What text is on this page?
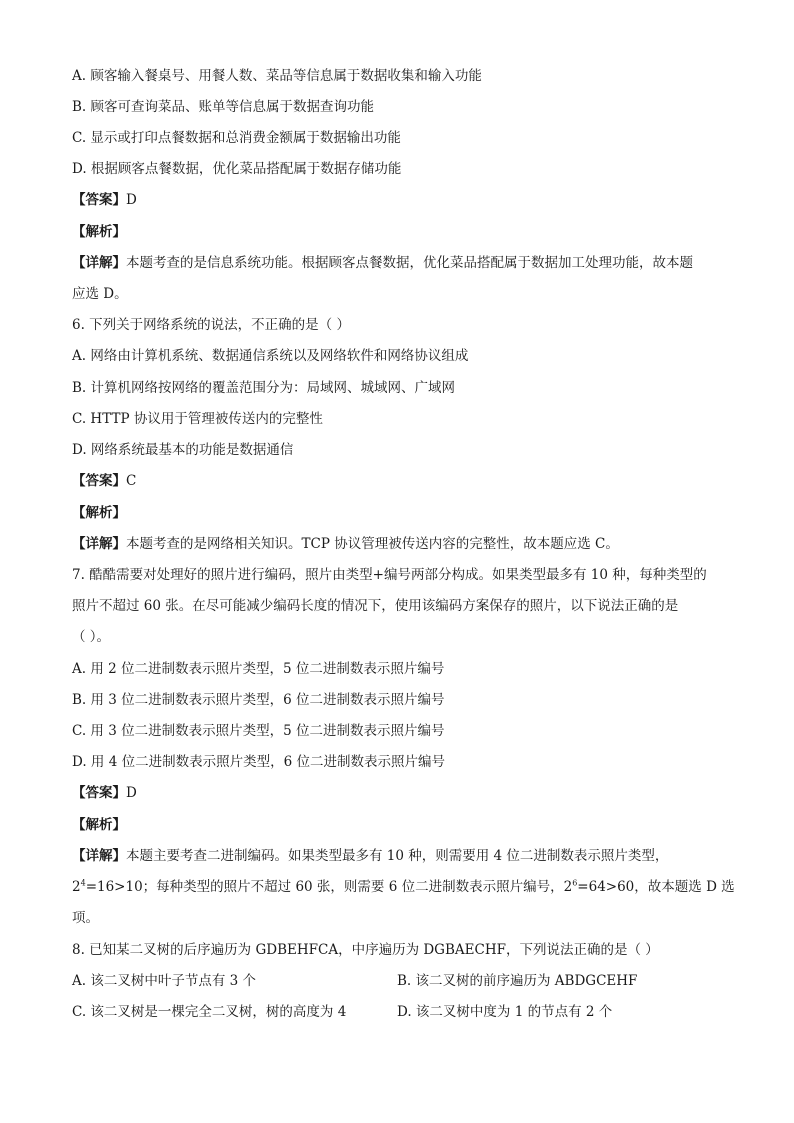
A. 顾客输入餐桌号、用餐人数、菜品等信息属于数据收集和输入功能
B. 顾客可查询菜品、账单等信息属于数据查询功能
C. 显示或打印点餐数据和总消费金额属于数据输出功能
D. 根据顾客点餐数据，优化菜品搭配属于数据存储功能
【答案】D
【解析】
【详解】本题考查的是信息系统功能。根据顾客点餐数据，优化菜品搭配属于数据加工处理功能，故本题
应选 D。
6. 下列关于网络系统的说法，不正确的是（ ）
A. 网络由计算机系统、数据通信系统以及网络软件和网络协议组成
B. 计算机网络按网络的覆盖范围分为：局域网、城域网、广域网
C. HTTP 协议用于管理被传送内的完整性
D. 网络系统最基本的功能是数据通信
【答案】C
【解析】
【详解】本题考查的是网络相关知识。TCP 协议管理被传送内容的完整性，故本题应选 C。
7. 酷酷需要对处理好的照片进行编码，照片由类型+编号两部分构成。如果类型最多有 10 种，每种类型的
照片不超过 60 张。在尽可能减少编码长度的情况下，使用该编码方案保存的照片，以下说法正确的是
（ ）。
A. 用 2 位二进制数表示照片类型，5 位二进制数表示照片编号
B. 用 3 位二进制数表示照片类型，6 位二进制数表示照片编号
C. 用 3 位二进制数表示照片类型，5 位二进制数表示照片编号
D. 用 4 位二进制数表示照片类型，6 位二进制数表示照片编号
【答案】D
【解析】
【详解】本题主要考查二进制编码。如果类型最多有 10 种，则需要用 4 位二进制数表示照片类型，
$2^4=16>10$；每种类型的照片不超过 60 张，则需要 6 位二进制数表示照片编号，$2^6=64>60$，故本题选 D 选
项。
8. 已知某二叉树的后序遍历为 GDBEHFCA，中序遍历为 DGBAECHF，下列说法正确的是（ ）
A. 该二叉树中叶子节点有 3 个	B. 该二叉树的前序遍历为 ABDGCEHF
C. 该二叉树是一棵完全二叉树，树的高度为 4	D. 该二叉树中度为 1 的节点有 2 个
